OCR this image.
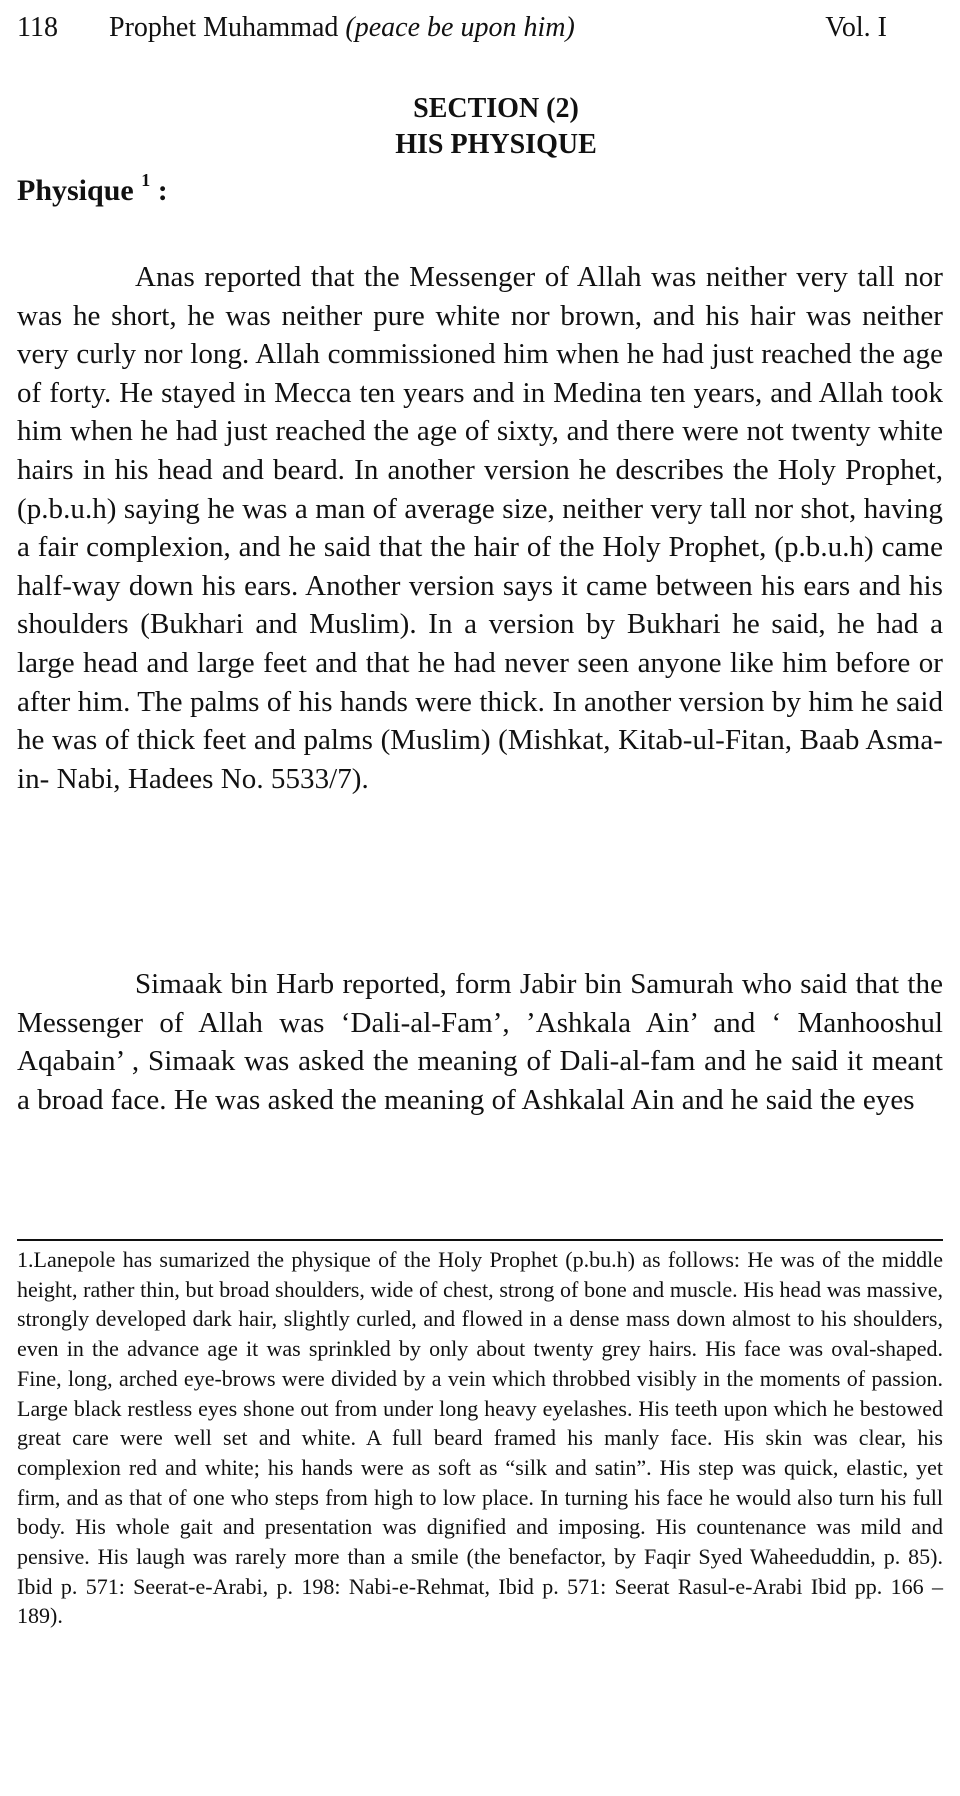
118 Prophet Muhammad (peace be upon him)	Vol. I
SECTION (2)
HIS PHYSIQUE
Physique $^1$ :

Anas reported that the Messenger of Allah was neither very tall nor was he short, he was neither pure white nor brown, and his hair was neither very curly nor long. Allah commissioned him when he had just reached the age of forty. He stayed in Mecca ten years and in Medina ten years, and Allah took him when he had just reached the age of sixty, and there were not twenty white hairs in his head and beard. In another version he describes the Holy Prophet, (p.b.u.h) saying he was a man of average size, neither very tall nor shot, having a fair complexion, and he said that the hair of the Holy Prophet, (p.b.u.h) came half-way down his ears. Another version says it came between his ears and his shoulders (Bukhari and Muslim). In a version by Bukhari he said, he had a large head and large feet and that he had never seen anyone like him before or after him. The palms of his hands were thick. In another version by him he said he was of thick feet and palms (Muslim) (Mishkat, Kitab-ul-Fitan, Baab Asma-in- Nabi, Hadees No. 5533/7).

Simaak bin Harb reported, form Jabir bin Samurah who said that the Messenger of Allah was ‘Dali-al-Fam’, ’Ashkala Ain’ and ‘ Manhooshul Aqabain’ , Simaak was asked the meaning of Dali-al-fam and he said it meant a broad face. He was asked the meaning of Ashkalal Ain and he said the eyes

1.Lanepole has sumarized the physique of the Holy Prophet (p.bu.h) as follows: He was of the middle height, rather thin, but broad shoulders, wide of chest, strong of bone and muscle. His head was massive, strongly developed dark hair, slightly curled, and flowed in a dense mass down almost to his shoulders, even in the advance age it was sprinkled by only about twenty grey hairs. His face was oval-shaped. Fine, long, arched eye-brows were divided by a vein which throbbed visibly in the moments of passion. Large black restless eyes shone out from under long heavy eyelashes. His teeth upon which he bestowed great care were well set and white. A full beard framed his manly face. His skin was clear, his complexion red and white; his hands were as soft as “silk and satin”. His step was quick, elastic, yet firm, and as that of one who steps from high to low place. In turning his face he would also turn his full body. His whole gait and presentation was dignified and imposing. His countenance was mild and pensive. His laugh was rarely more than a smile (the benefactor, by Faqir Syed Waheeduddin, p. 85). Ibid p. 571: Seerat-e-Arabi, p. 198: Nabi-e-Rehmat, Ibid p. 571: Seerat Rasul-e-Arabi Ibid pp. 166 – 189).
